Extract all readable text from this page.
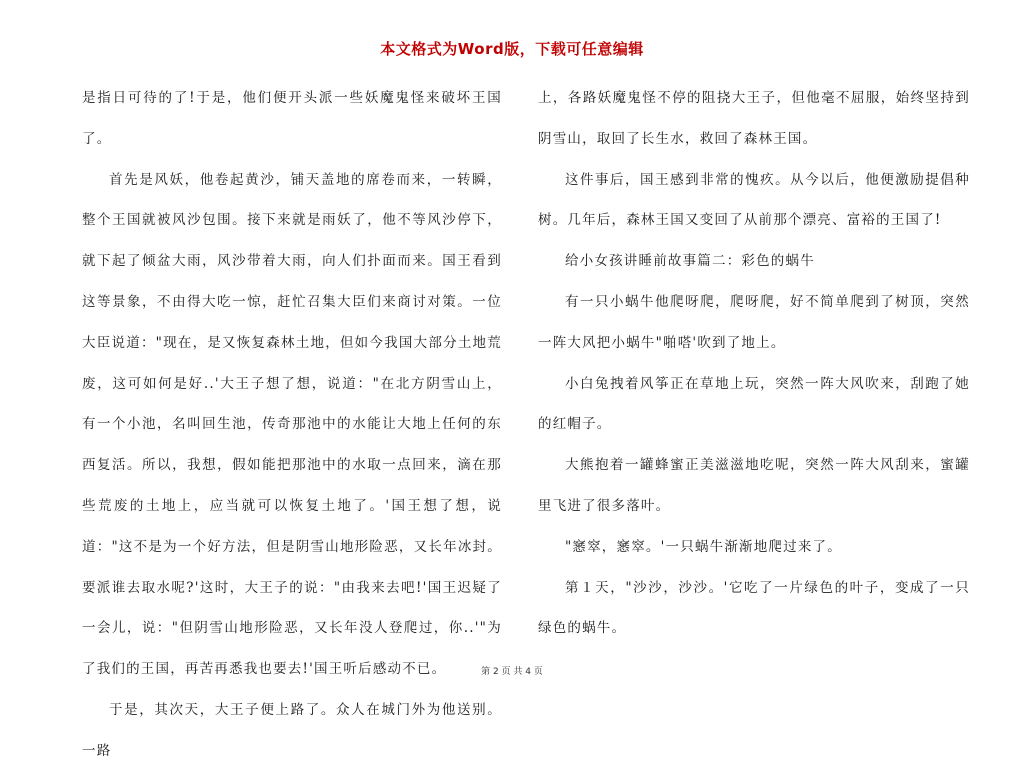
本文格式为Word版，下载可任意编辑

是指日可待的了!于是，他们便开头派一些妖魔鬼怪来破坏王国了。

首先是风妖，他卷起黄沙，铺天盖地的席卷而来，一转瞬，整个王国就被风沙包围。接下来就是雨妖了，他不等风沙停下，就下起了倾盆大雨，风沙带着大雨，向人们扑面而来。国王看到这等景象，不由得大吃一惊，赶忙召集大臣们来商讨对策。一位大臣说道："现在，是又恢复森林土地，但如今我国大部分土地荒废，这可如何是好..'大王子想了想，说道："在北方阴雪山上，有一个小池，名叫回生池，传奇那池中的水能让大地上任何的东西复活。所以，我想，假如能把那池中的水取一点回来，滴在那些荒废的土地上，应当就可以恢复土地了。'国王想了想，说道："这不是为一个好方法，但是阴雪山地形险恶，又长年冰封。要派谁去取水呢?'这时，大王子的说："由我来去吧!'国王迟疑了一会儿，说："但阴雪山地形险恶，又长年没人登爬过，你..'"为了我们的王国，再苦再悉我也要去!'国王听后感动不已。

于是，其次天，大王子便上路了。众人在城门外为他送别。一路

上，各路妖魔鬼怪不停的阻挠大王子，但他毫不屈服，始终坚持到阴雪山，取回了长生水，救回了森林王国。

这件事后，国王感到非常的愧疚。从今以后，他便激励提倡种树。几年后，森林王国又变回了从前那个漂亮、富裕的王国了!

给小女孩讲睡前故事篇二：彩色的蜗牛

有一只小蜗牛他爬呀爬，爬呀爬，好不简单爬到了树顶，突然一阵大风把小蜗牛"啪嗒'吹到了地上。

小白兔拽着风筝正在草地上玩，突然一阵大风吹来，刮跑了她的红帽子。

大熊抱着一罐蜂蜜正美滋滋地吃呢，突然一阵大风刮来，蜜罐里飞进了很多落叶。

"窸窣，窸窣。'一只蜗牛渐渐地爬过来了。

第１天，"沙沙，沙沙。'它吃了一片绿色的叶子，变成了一只绿色的蜗牛。

第 2 页 共 4 页
